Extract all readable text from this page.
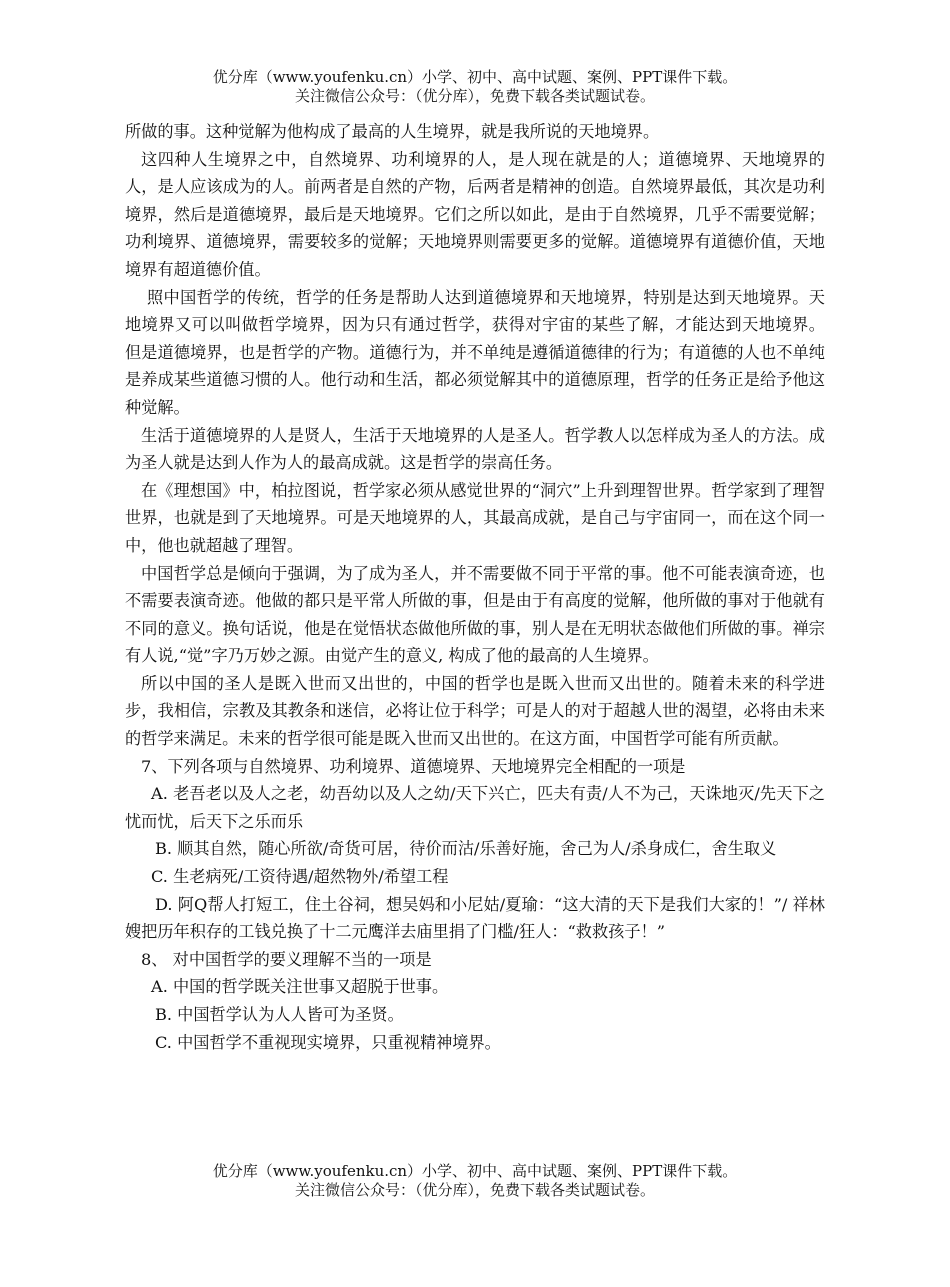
优分库（www.youfenku.cn）小学、初中、高中试题、案例、PPT课件下载。
关注微信公众号：（优分库），免费下载各类试题试卷。

所做的事。这种觉解为他构成了最高的人生境界，就是我所说的天地境界。

这四种人生境界之中，自然境界、功利境界的人，是人现在就是的人；道德境界、天地境界的人，是人应该成为的人。前两者是自然的产物，后两者是精神的创造。自然境界最低，其次是功利境界，然后是道德境界，最后是天地境界。它们之所以如此，是由于自然境界，几乎不需要觉解；功利境界、道德境界，需要较多的觉解；天地境界则需要更多的觉解。道德境界有道德价值，天地境界有超道德价值。

照中国哲学的传统，哲学的任务是帮助人达到道德境界和天地境界，特别是达到天地境界。天地境界又可以叫做哲学境界，因为只有通过哲学，获得对宇宙的某些了解，才能达到天地境界。 但是道德境界，也是哲学的产物。道德行为，并不单纯是遵循道德律的行为；有道德的人也不单纯是养成某些道德习惯的人。他行动和生活，都必须觉解其中的道德原理，哲学的任务正是给予他这种觉解。

生活于道德境界的人是贤人，生活于天地境界的人是圣人。哲学教人以怎样成为圣人的方法。成为圣人就是达到人作为人的最高成就。这是哲学的崇高任务。

在《理想国》中，柏拉图说，哲学家必须从感觉世界的“洞穴”上升到理智世界。哲学家到了理智世界，也就是到了天地境界。可是天地境界的人，其最高成就，是自己与宇宙同一，而在这个同一中，他也就超越了理智。

中国哲学总是倾向于强调，为了成为圣人，并不需要做不同于平常的事。他不可能表演奇迹，也不需要表演奇迹。他做的都只是平常人所做的事，但是由于有高度的觉解，他所做的事对于他就有不同的意义。换句话说，他是在觉悟状态做他所做的事，别人是在无明状态做他们所做的事。禅宗有人说,“觉”字乃万妙之源。由觉产生的意义, 构成了他的最高的人生境界。

所以中国的圣人是既入世而又出世的，中国的哲学也是既入世而又出世的。随着未来的科学进步，我相信，宗教及其教条和迷信，必将让位于科学；可是人的对于超越人世的渴望，必将由未来的哲学来满足。未来的哲学很可能是既入世而又出世的。在这方面，中国哲学可能有所贡献。

7、下列各项与自然境界、功利境界、道德境界、天地境界完全相配的一项是

A. 老吾老以及人之老，幼吾幼以及人之幼/天下兴亡，匹夫有责/人不为己，天诛地灭/先天下之忧而忧，后天下之乐而乐

B. 顺其自然，随心所欲/奇货可居，待价而沽/乐善好施，舍己为人/杀身成仁，舍生取义

C. 生老病死/工资待遇/超然物外/希望工程

D. 阿Q帮人打短工，住土谷祠，想吴妈和小尼姑/夏瑜：“这大清的天下是我们大家的！”/ 祥林嫂把历年积存的工钱兑换了十二元鹰洋去庙里捐了门槛/狂人：“救救孩子！”

8、 对中国哲学的要义理解不当的一项是

A. 中国的哲学既关注世事又超脱于世事。

B. 中国哲学认为人人皆可为圣贤。

C. 中国哲学不重视现实境界，只重视精神境界。

优分库（www.youfenku.cn）小学、初中、高中试题、案例、PPT课件下载。
关注微信公众号：（优分库），免费下载各类试题试卷。
